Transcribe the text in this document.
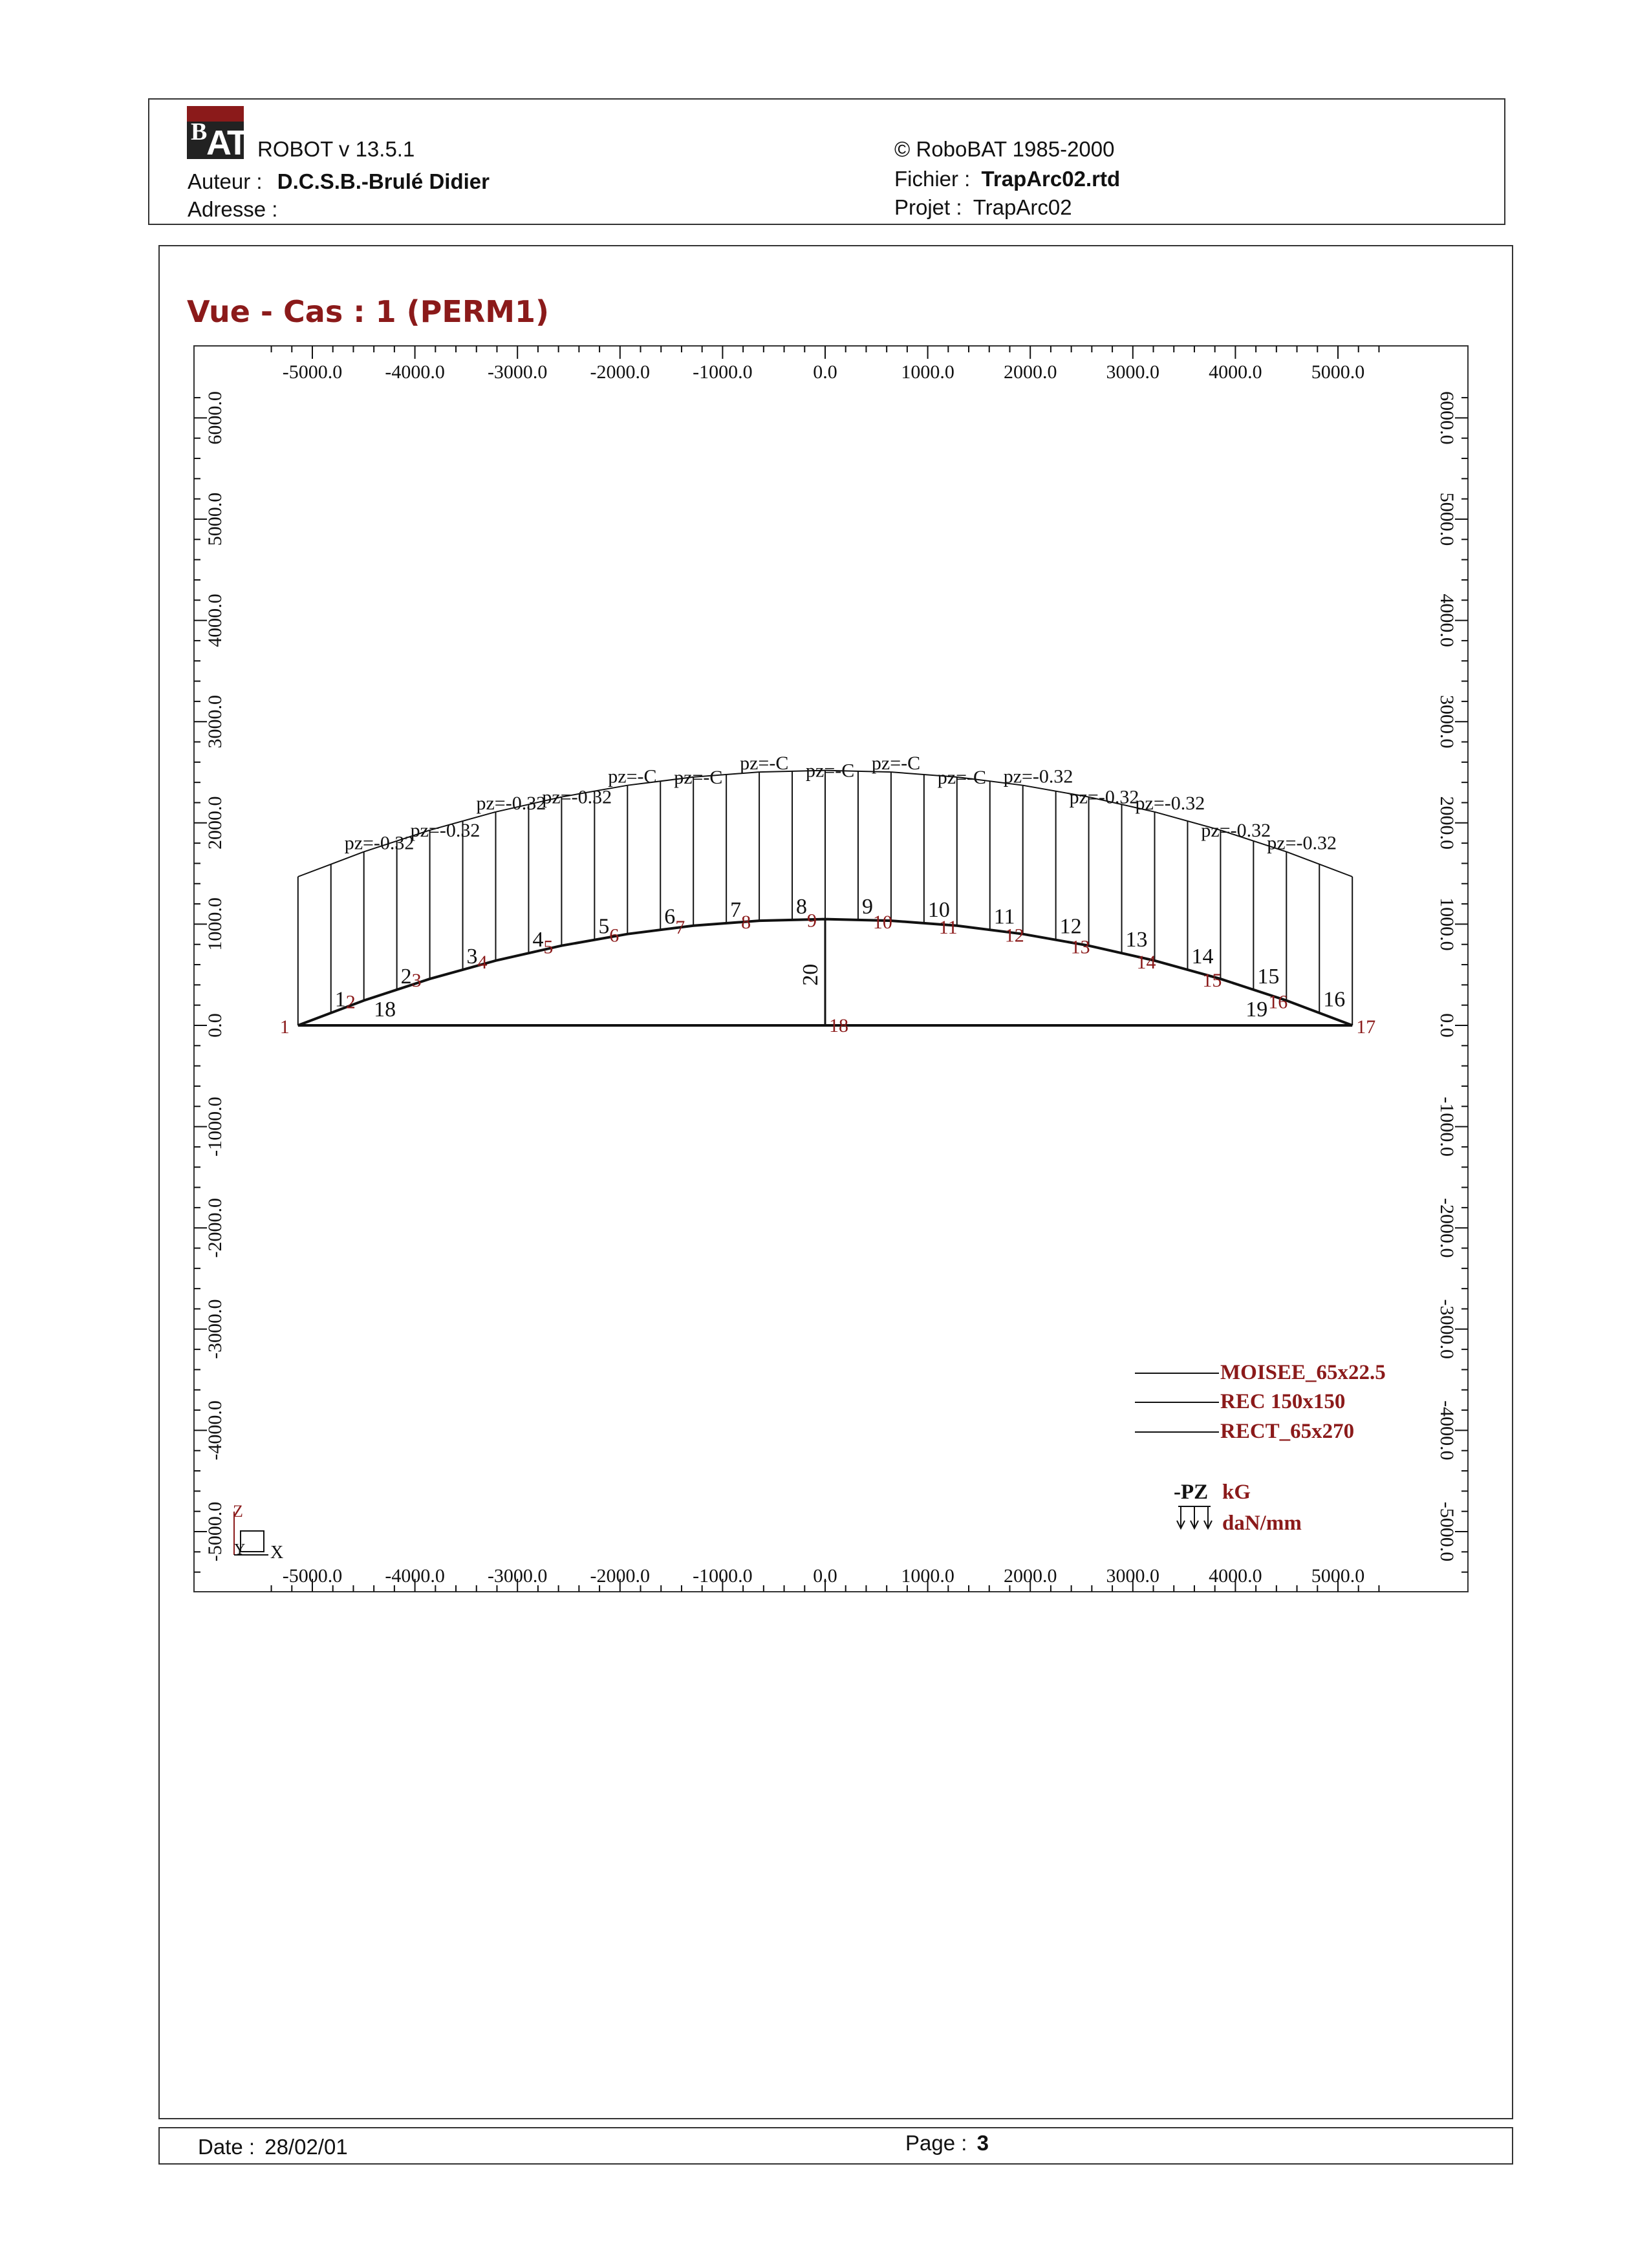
B
AT ROBOT v 13.5.1
Auteur : D.C.S.B.-Brulé Didier
Adresse :
© RoboBAT 1985-2000
Fichier : TrapArc02.rtd
Projet : TrapArc02
Vue - Cas : 1 (PERM1)
-5000.0 -4000.0 -3000.0 -2000.0 -1000.0	0.0	1000.0	2000.0	3000.0	4000.0	5000.0
-5000.0 -4000.0 -3000.0 -2000.0 -1000.0	0.0	1000.0	2000.0	3000.0	4000.0	5000.0
-5000.0
-4000.0
-3000.0
-2000.0
-1000.0
0.0
1000.0
2000.0
3000.0
4000.0
5000.0
6000.0
-5000.0
-4000.0
-3000.0
-2000.0
-1000.0
0.0
1000.0
2000.0
3000.0
4000.0
5000.0
6000.0
pz=-0.32
pz=-0.32
pz=-0.32
pz=-0.32
pz=-C pz=-C
pz=-C pz=-C pz=-C
pz=-C pz=-0.32
pz=-0.32
pz=-0.32
pz=-0.32
pz=-0.32
1
2
3
4
5 6 7 8 9 10 11 12
13
14
15
16
18	19
20
1
2
3
4
5
6	7	8	9	10 11 12
13
14
15
16
17
18
MOISEE_65x22.5
REC 150x150
RECT_65x270
-PZ kG
daN/mm
Z
Y X
Date : 28/02/01	Page : 3
